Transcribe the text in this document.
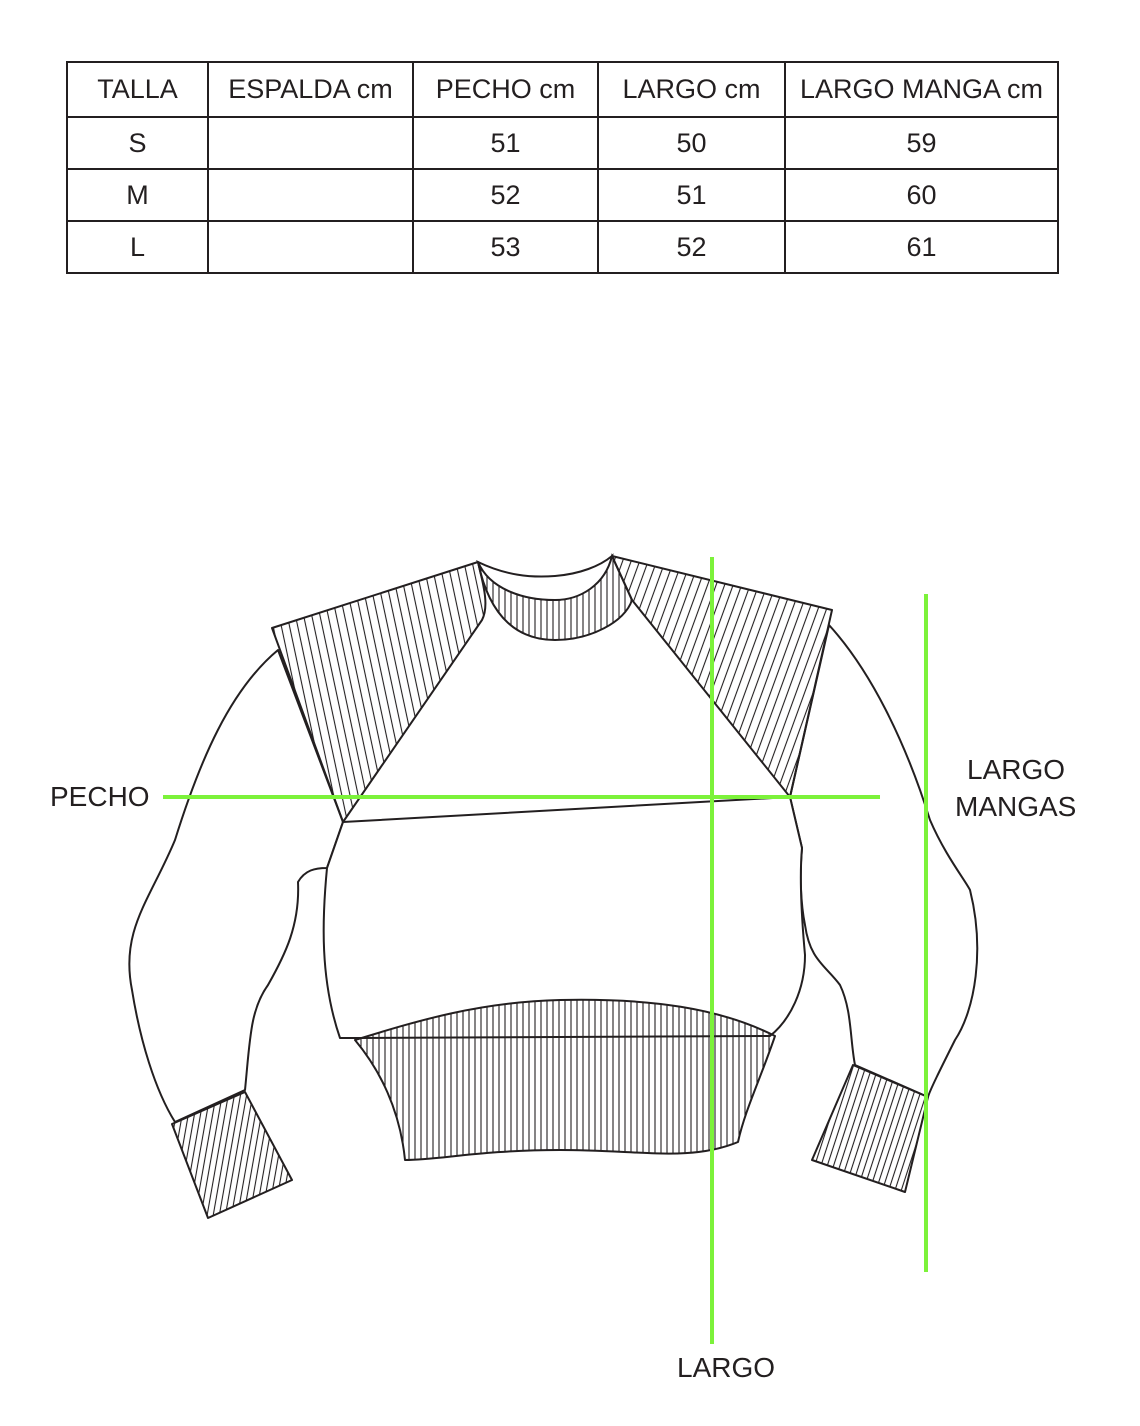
TALLA	ESPALDA cm	PECHO cm	LARGO cm	LARGO MANGA cm
S		51	50	59
M		52	51	60
L		53	52	61
PECHO
LARGO
LARGO
MANGAS
